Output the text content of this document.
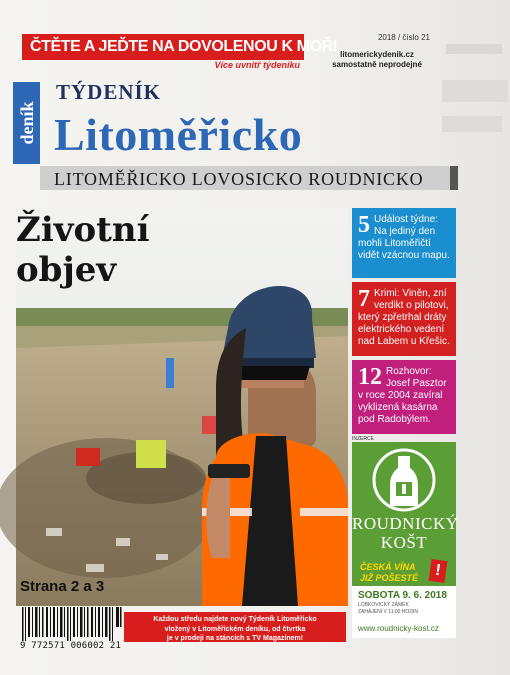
ČTĚTE A JEĎTE NA DOVOLENOU K MOŘI
Více uvnitř týdeníku
2018 / číslo 21
litomerickydenik.cz
samostatně neprodejné
deník
TÝDENÍK
Litoměřicko
LITOMĚŘICKO LOVOSICKO ROUDNICKO
Životní objev
Strana 2 a 3
5 Událost týdne: Na jediný den mohli Litoměřičtí vidět vzácnou mapu.
7 Krimi: Viněn, zní verdikt o pilotovi, který zpřetrhal dráty elektrického vedení nad Labem u Křešic.
12 Rozhovor: Josef Pasztor v roce 2004 zavíral vyklizená kasárna pod Radobýlem.
INZERCE
ROUDNICKÝ
KOŠT
ČESKÁ VÍNA JIŽ POŠESTÉ	!
SOBOTA 9. 6. 2018
LOBKOVICKÝ ZÁMEK
ZAHÁJENÍ V 11:00 HODIN
www.roudnicky-kost.cz
9 772571 006002 21
Každou středu najdete nový Týdeník Litoměřicko
vložený v Litoměřickém deníku, od čtvrtka
je v prodeji na stáncích s TV Magazínem!
